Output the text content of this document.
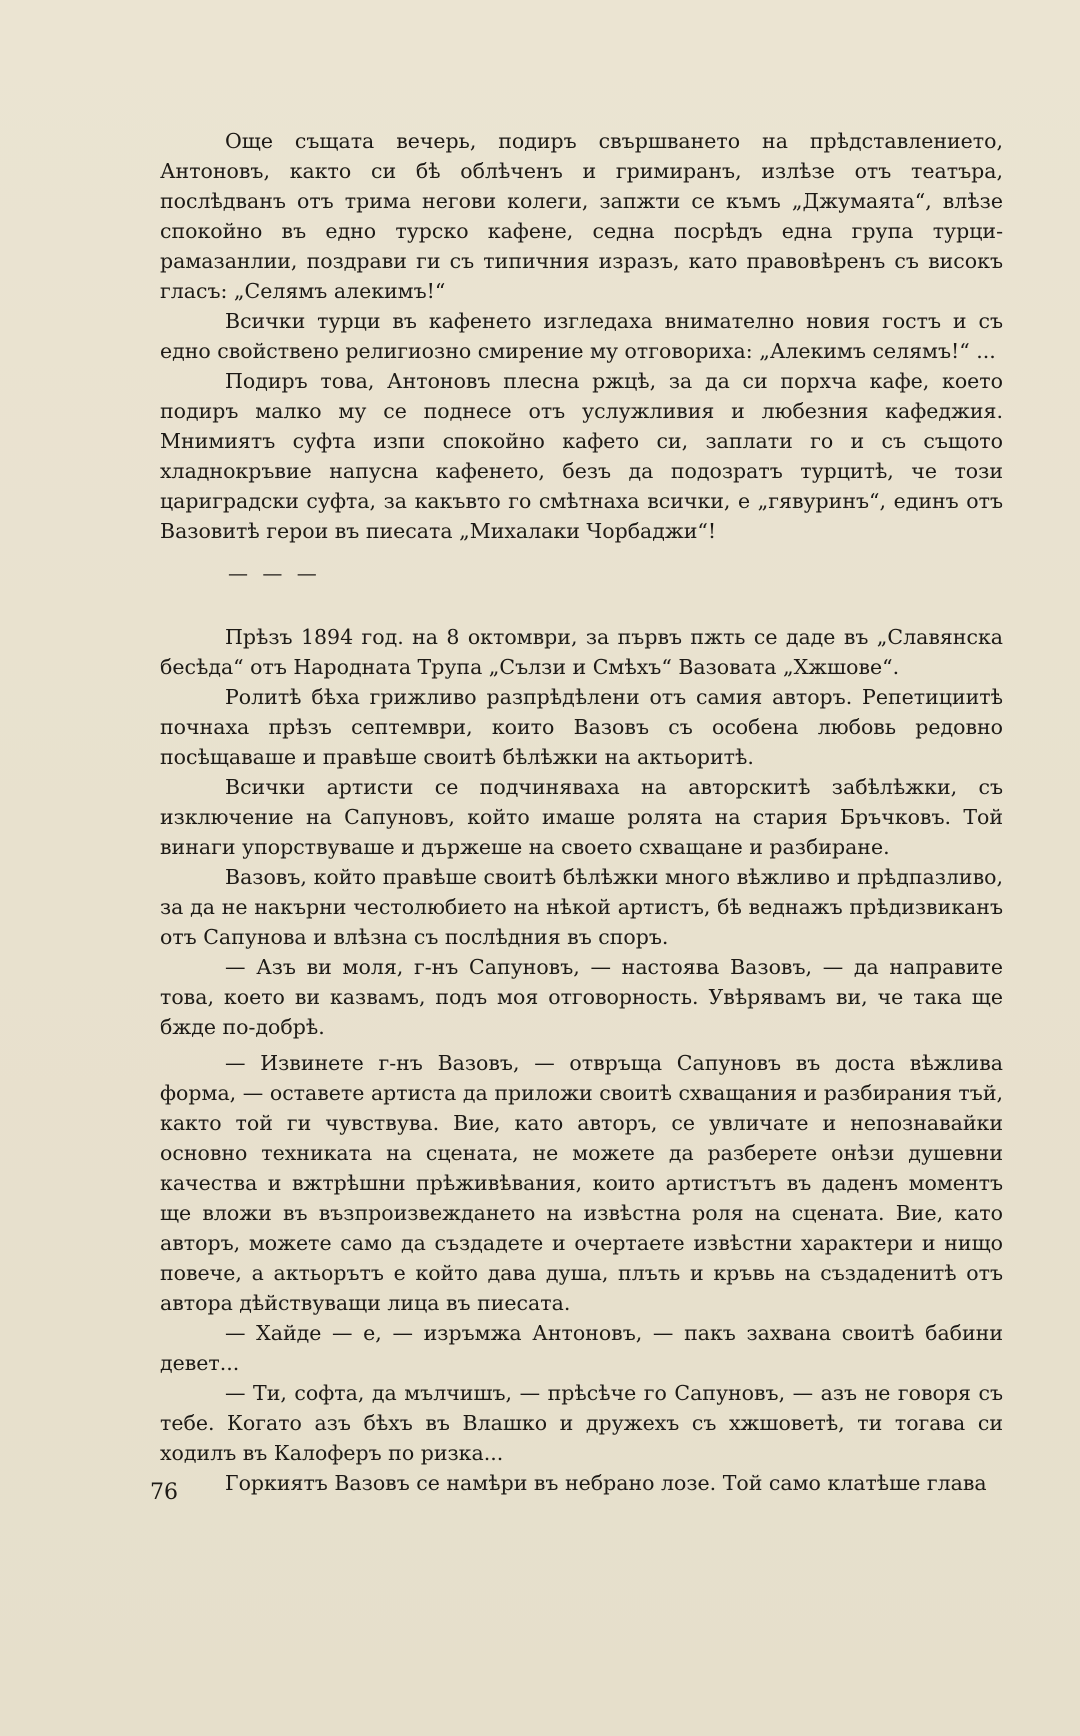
Още същата вечерь, подиръ свършването на прѣдставлението, Антоновъ, както си бѣ облѣченъ и гримиранъ, излѣзе отъ театъра, послѣдванъ отъ трима негови колеги, запжти се къмъ „Джумаята“, влѣзе спокойно въ едно турско кафене, седна посрѣдъ една група турци-рамазанлии, поздрави ги съ типичния изразъ, като правовѣренъ съ високъ гласъ: „Селямъ алекимъ!“

Всички турци въ кафенето изгледаха внимателно новия гостъ и съ едно свойствено религиозно смирение му отговориха: „Алекимъ селямъ!“ ...

Подиръ това, Антоновъ плесна ржцѣ, за да си порхча кафе, което подиръ малко му се поднесе отъ услужливия и любезния кафеджия. Мнимиятъ суфта изпи спокойно кафето си, заплати го и съ същото хладнокръвие напусна кафенето, безъ да подозратъ турцитѣ, че този цариградски суфта, за какъвто го смѣтнаха всички, е „гявуринъ“, единъ отъ Вазовитѣ герои въ пиесата „Михалаки Чорбаджи“!

— — —

Прѣзъ 1894 год. на 8 октомври, за първъ пжть се даде въ „Славянска бесѣда“ отъ Народната Трупа „Сълзи и Смѣхъ“ Вазовата „Хжшове“.

Ролитѣ бѣха грижливо разпрѣдѣлени отъ самия авторъ. Репетициитѣ почнаха прѣзъ септември, които Вазовъ съ особена любовь редовно посѣщаваше и правѣше своитѣ бѣлѣжки на актьоритѣ.

Всички артисти се подчиняваха на авторскитѣ забѣлѣжки, съ изключение на Сапуновъ, който имаше ролята на стария Бръчковъ. Той винаги упорствуваше и държеше на своето схващане и разбиране.

Вазовъ, който правѣше своитѣ бѣлѣжки много вѣжливо и прѣдпазливо, за да не накърни честолюбието на нѣкой артистъ, бѣ веднажъ прѣдизвиканъ отъ Сапунова и влѣзна съ послѣдния въ споръ.

— Азъ ви моля, г-нъ Сапуновъ, — настоява Вазовъ, — да направите това, което ви казвамъ, подъ моя отговорность. Увѣрявамъ ви, че така ще бжде по-добрѣ.

— Извинете г-нъ Вазовъ, — отвръща Сапуновъ въ доста вѣжлива форма, — оставете артиста да приложи своитѣ схващания и разбирания тъй, както той ги чувствува. Вие, като авторъ, се увличате и непознавайки основно техниката на сцената, не можете да разберете онѣзи душевни качества и вжтрѣшни прѣживѣвания, които артистътъ въ даденъ моментъ ще вложи въ възпроизвеждането на извѣстна роля на сцената. Вие, като авторъ, можете само да създадете и очертаете извѣстни характери и нищо повече, а актьорътъ е който дава душа, плъть и кръвь на създаденитѣ отъ автора дѣйствуващи лица въ пиесата.

— Хайде — е, — изръмжа Антоновъ, — пакъ захвана своитѣ бабини девет...

— Ти, софта, да мълчишъ, — прѣсѣче го Сапуновъ, — азъ не говоря съ тебе. Когато азъ бѣхъ въ Влашко и дружехъ съ хжшоветѣ, ти тогава си ходилъ въ Калоферъ по ризка...

Горкиятъ Вазовъ се намѣри въ небрано лозе. Той само клатѣше глава

76
